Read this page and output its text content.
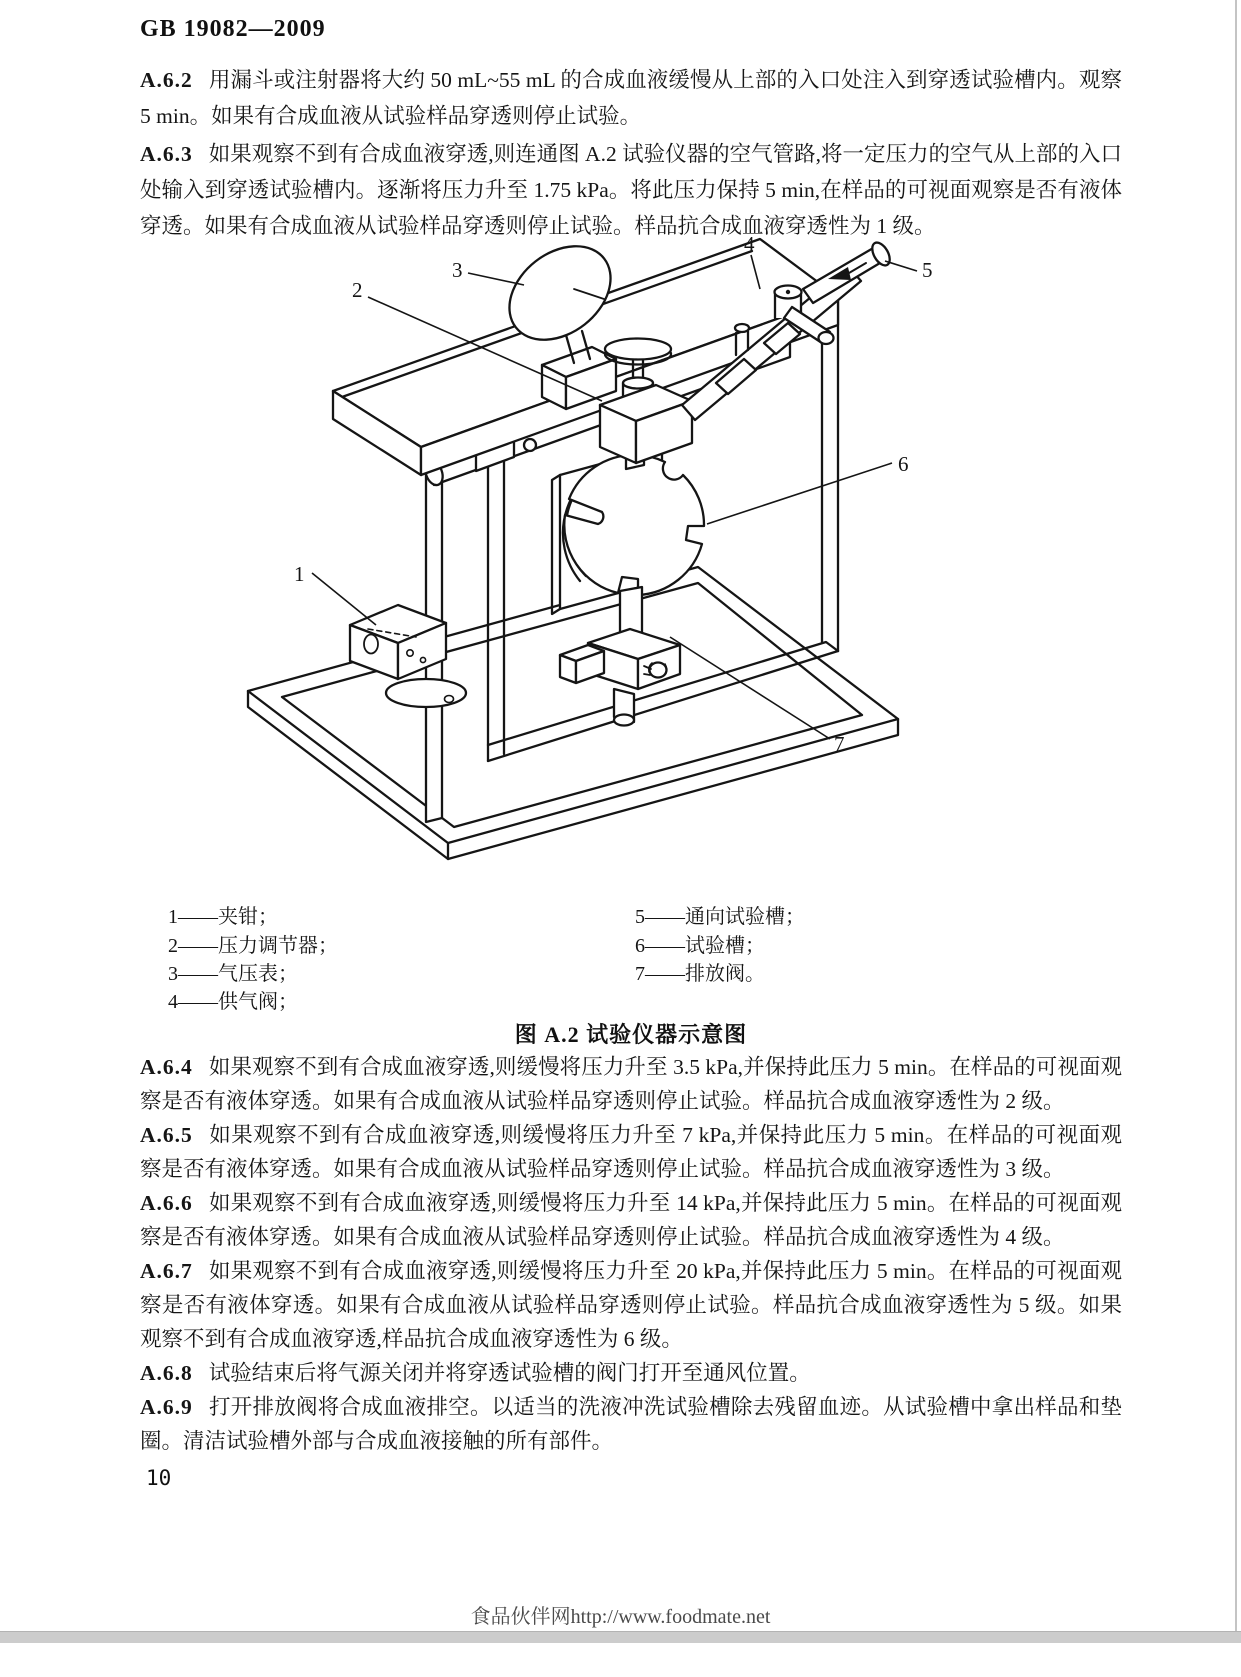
GB 19082—2009
A.6.2 用漏斗或注射器将大约 50 mL~55 mL 的合成血液缓慢从上部的入口处注入到穿透试验槽内。观察 5 min。如果有合成血液从试验样品穿透则停止试验。
A.6.3 如果观察不到有合成血液穿透,则连通图 A.2 试验仪器的空气管路,将一定压力的空气从上部的入口处输入到穿透试验槽内。逐渐将压力升至 1.75 kPa。将此压力保持 5 min,在样品的可视面观察是否有液体穿透。如果有合成血液从试验样品穿透则停止试验。样品抗合成血液穿透性为 1 级。
1
2
3
4
5
6
7
1——夹钳；
2——压力调节器；
3——气压表；
4——供气阀；
5——通向试验槽；
6——试验槽；
7——排放阀。
图 A.2 试验仪器示意图
A.6.4 如果观察不到有合成血液穿透,则缓慢将压力升至 3.5 kPa,并保持此压力 5 min。在样品的可视面观察是否有液体穿透。如果有合成血液从试验样品穿透则停止试验。样品抗合成血液穿透性为 2 级。
A.6.5 如果观察不到有合成血液穿透,则缓慢将压力升至 7 kPa,并保持此压力 5 min。在样品的可视面观察是否有液体穿透。如果有合成血液从试验样品穿透则停止试验。样品抗合成血液穿透性为 3 级。
A.6.6 如果观察不到有合成血液穿透,则缓慢将压力升至 14 kPa,并保持此压力 5 min。在样品的可视面观察是否有液体穿透。如果有合成血液从试验样品穿透则停止试验。样品抗合成血液穿透性为 4 级。
A.6.7 如果观察不到有合成血液穿透,则缓慢将压力升至 20 kPa,并保持此压力 5 min。在样品的可视面观察是否有液体穿透。如果有合成血液从试验样品穿透则停止试验。样品抗合成血液穿透性为 5 级。如果观察不到有合成血液穿透,样品抗合成血液穿透性为 6 级。
A.6.8 试验结束后将气源关闭并将穿透试验槽的阀门打开至通风位置。
A.6.9 打开排放阀将合成血液排空。以适当的洗液冲洗试验槽除去残留血迹。从试验槽中拿出样品和垫圈。清洁试验槽外部与合成血液接触的所有部件。
10
食品伙伴网http://www.foodmate.net
